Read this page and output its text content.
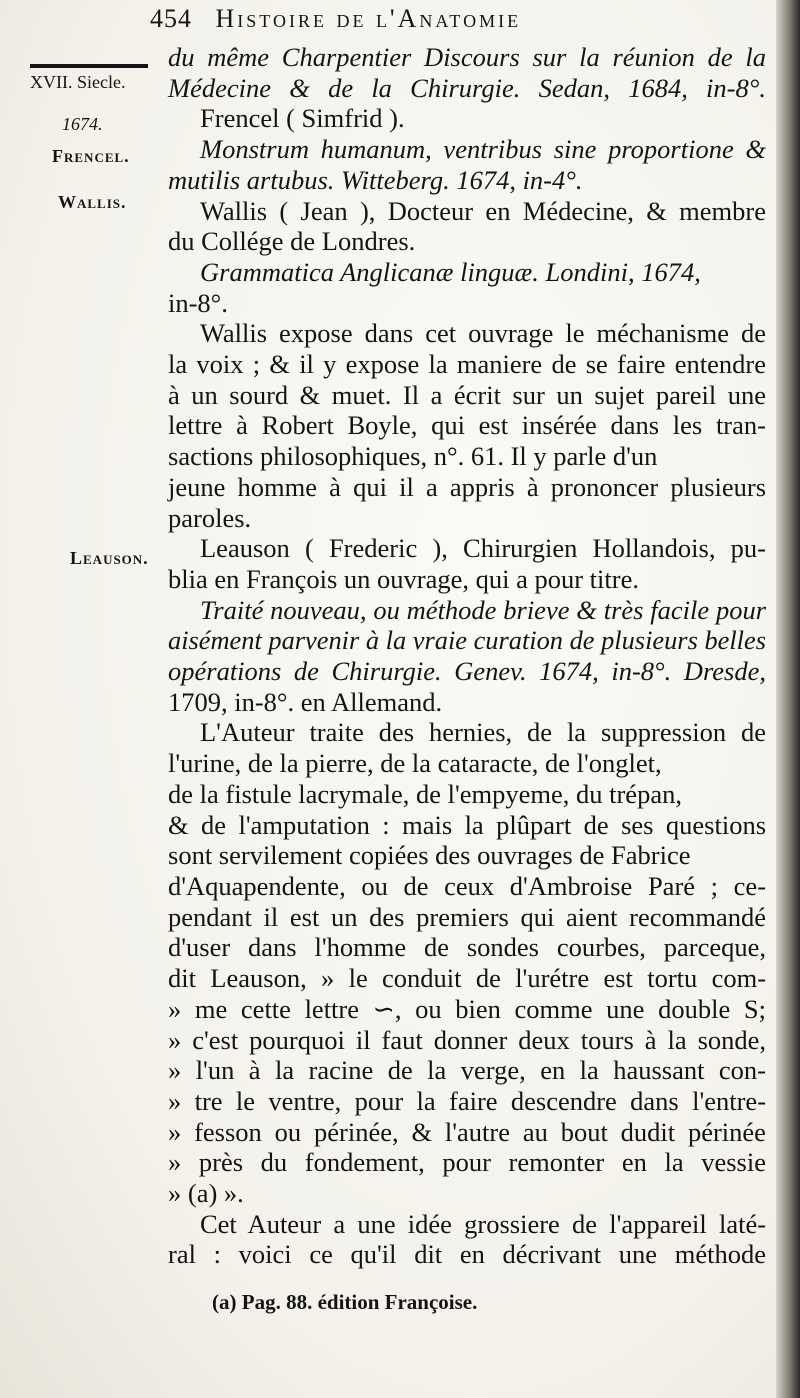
454 Histoire de l'Anatomie
XVII. Siecle.
1674.
Frencel.
Wallis.
Leauson.
du même Charpentier Discours sur la réunion de la
Médecine & de la Chirurgie. Sedan, 1684, in-8°.
Frencel ( Simfrid ).
Monstrum humanum, ventribus sine proportione &
mutilis artubus. Witteberg. 1674, in-4°.
Wallis ( Jean ), Docteur en Médecine, & membre
du Collége de Londres.
Grammatica Anglicanæ linguæ. Londini, 1674,
in-8°.
Wallis expose dans cet ouvrage le méchanisme de
la voix ; & il y expose la maniere de se faire entendre
à un sourd & muet. Il a écrit sur un sujet pareil une
lettre à Robert Boyle, qui est insérée dans les tran-
sactions philosophiques, n°. 61. Il y parle d'un
jeune homme à qui il a appris à prononcer plusieurs
paroles.
Leauson ( Frederic ), Chirurgien Hollandois, pu-
blia en François un ouvrage, qui a pour titre.
Traité nouveau, ou méthode brieve & très facile pour
aisément parvenir à la vraie curation de plusieurs belles
opérations de Chirurgie. Genev. 1674, in-8°. Dresde,
1709, in-8°. en Allemand.
L'Auteur traite des hernies, de la suppression de
l'urine, de la pierre, de la cataracte, de l'onglet,
de la fistule lacrymale, de l'empyeme, du trépan,
& de l'amputation : mais la plûpart de ses questions
sont servilement copiées des ouvrages de Fabrice
d'Aquapendente, ou de ceux d'Ambroise Paré ; ce-
pendant il est un des premiers qui aient recommandé
d'user dans l'homme de sondes courbes, parceque,
dit Leauson, » le conduit de l'urétre est tortu com-
» me cette lettre ∽, ou bien comme une double S;
» c'est pourquoi il faut donner deux tours à la sonde,
» l'un à la racine de la verge, en la haussant con-
» tre le ventre, pour la faire descendre dans l'entre-
» fesson ou périnée, & l'autre au bout dudit périnée
» près du fondement, pour remonter en la vessie
» (a) ».
Cet Auteur a une idée grossiere de l'appareil laté-
ral : voici ce qu'il dit en décrivant une méthode
(a) Pag. 88. édition Françoise.
